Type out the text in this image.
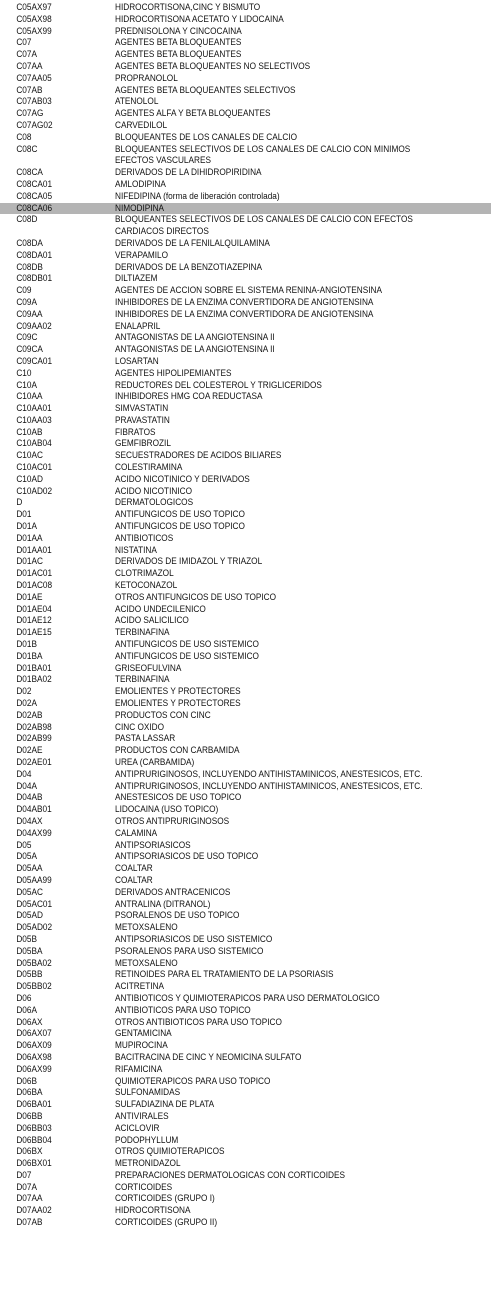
C05AX97	HIDROCORTISONA,CINC Y BISMUTO
C05AX98	HIDROCORTISONA ACETATO Y LIDOCAINA
C05AX99	PREDNISOLONA Y CINCOCAINA
C07	AGENTES BETA BLOQUEANTES
C07A	AGENTES BETA BLOQUEANTES
C07AA	AGENTES BETA BLOQUEANTES NO SELECTIVOS
C07AA05	PROPRANOLOL
C07AB	AGENTES BETA BLOQUEANTES SELECTIVOS
C07AB03	ATENOLOL
C07AG	AGENTES ALFA Y BETA BLOQUEANTES
C07AG02	CARVEDILOL
C08	BLOQUEANTES DE LOS CANALES DE CALCIO
C08C	BLOQUEANTES SELECTIVOS DE LOS CANALES DE CALCIO CON MINIMOS EFECTOS VASCULARES
C08CA	DERIVADOS DE LA DIHIDROPIRIDINA
C08CA01	AMLODIPINA
C08CA05	NIFEDIPINA (forma de liberación controlada)
C08CA06	NIMODIPINA
C08D	BLOQUEANTES SELECTIVOS DE LOS CANALES DE CALCIO CON EFECTOS CARDIACOS DIRECTOS
C08DA	DERIVADOS DE LA FENILALQUILAMINA
C08DA01	VERAPAMILO
C08DB	DERIVADOS DE LA BENZOTIAZEPINA
C08DB01	DILTIAZEM
C09	AGENTES DE ACCION SOBRE EL SISTEMA RENINA-ANGIOTENSINA
C09A	INHIBIDORES DE LA ENZIMA CONVERTIDORA DE ANGIOTENSINA
C09AA	INHIBIDORES DE LA ENZIMA CONVERTIDORA DE ANGIOTENSINA
C09AA02	ENALAPRIL
C09C	ANTAGONISTAS DE LA ANGIOTENSINA II
C09CA	ANTAGONISTAS DE LA ANGIOTENSINA II
C09CA01	LOSARTAN
C10	AGENTES HIPOLIPEMIANTES
C10A	REDUCTORES DEL COLESTEROL Y TRIGLICERIDOS
C10AA	INHIBIDORES HMG COA REDUCTASA
C10AA01	SIMVASTATIN
C10AA03	PRAVASTATIN
C10AB	FIBRATOS
C10AB04	GEMFIBROZIL
C10AC	SECUESTRADORES DE ACIDOS BILIARES
C10AC01	COLESTIRAMINA
C10AD	ACIDO NICOTINICO Y DERIVADOS
C10AD02	ACIDO NICOTINICO
D	DERMATOLOGICOS
D01	ANTIFUNGICOS DE USO TOPICO
D01A	ANTIFUNGICOS DE USO TOPICO
D01AA	ANTIBIOTICOS
D01AA01	NISTATINA
D01AC	DERIVADOS DE IMIDAZOL Y TRIAZOL
D01AC01	CLOTRIMAZOL
D01AC08	KETOCONAZOL
D01AE	OTROS ANTIFUNGICOS DE USO TOPICO
D01AE04	ACIDO UNDECILENICO
D01AE12	ACIDO SALICILICO
D01AE15	TERBINAFINA
D01B	ANTIFUNGICOS DE USO SISTEMICO
D01BA	ANTIFUNGICOS DE USO SISTEMICO
D01BA01	GRISEOFULVINA
D01BA02	TERBINAFINA
D02	EMOLIENTES Y PROTECTORES
D02A	EMOLIENTES Y PROTECTORES
D02AB	PRODUCTOS CON CINC
D02AB98	CINC OXIDO
D02AB99	PASTA LASSAR
D02AE	PRODUCTOS CON CARBAMIDA
D02AE01	UREA (CARBAMIDA)
D04	ANTIPRURIGINOSOS, INCLUYENDO ANTIHISTAMINICOS, ANESTESICOS, ETC.
D04A	ANTIPRURIGINOSOS, INCLUYENDO ANTIHISTAMINICOS, ANESTESICOS, ETC.
D04AB	ANESTESICOS DE USO TOPICO
D04AB01	LIDOCAINA (USO TOPICO)
D04AX	OTROS ANTIPRURIGINOSOS
D04AX99	CALAMINA
D05	ANTIPSORIASICOS
D05A	ANTIPSORIASICOS DE USO TOPICO
D05AA	COALTAR
D05AA99	COALTAR
D05AC	DERIVADOS ANTRACENICOS
D05AC01	ANTRALINA (DITRANOL)
D05AD	PSORALENOS DE USO TOPICO
D05AD02	METOXSALENO
D05B	ANTIPSORIASICOS DE USO SISTEMICO
D05BA	PSORALENOS PARA USO SISTEMICO
D05BA02	METOXSALENO
D05BB	RETINOIDES PARA EL TRATAMIENTO DE LA PSORIASIS
D05BB02	ACITRETINA
D06	ANTIBIOTICOS Y QUIMIOTERAPICOS PARA USO DERMATOLOGICO
D06A	ANTIBIOTICOS PARA USO TOPICO
D06AX	OTROS ANTIBIOTICOS PARA USO TOPICO
D06AX07	GENTAMICINA
D06AX09	MUPIROCINA
D06AX98	BACITRACINA DE CINC Y NEOMICINA SULFATO
D06AX99	RIFAMICINA
D06B	QUIMIOTERAPICOS PARA USO TOPICO
D06BA	SULFONAMIDAS
D06BA01	SULFADIAZINA DE PLATA
D06BB	ANTIVIRALES
D06BB03	ACICLOVIR
D06BB04	PODOPHYLLUM
D06BX	OTROS QUIMIOTERAPICOS
D06BX01	METRONIDAZOL
D07	PREPARACIONES DERMATOLOGICAS CON CORTICOIDES
D07A	CORTICOIDES
D07AA	CORTICOIDES (GRUPO I)
D07AA02	HIDROCORTISONA
D07AB	CORTICOIDES (GRUPO II)
